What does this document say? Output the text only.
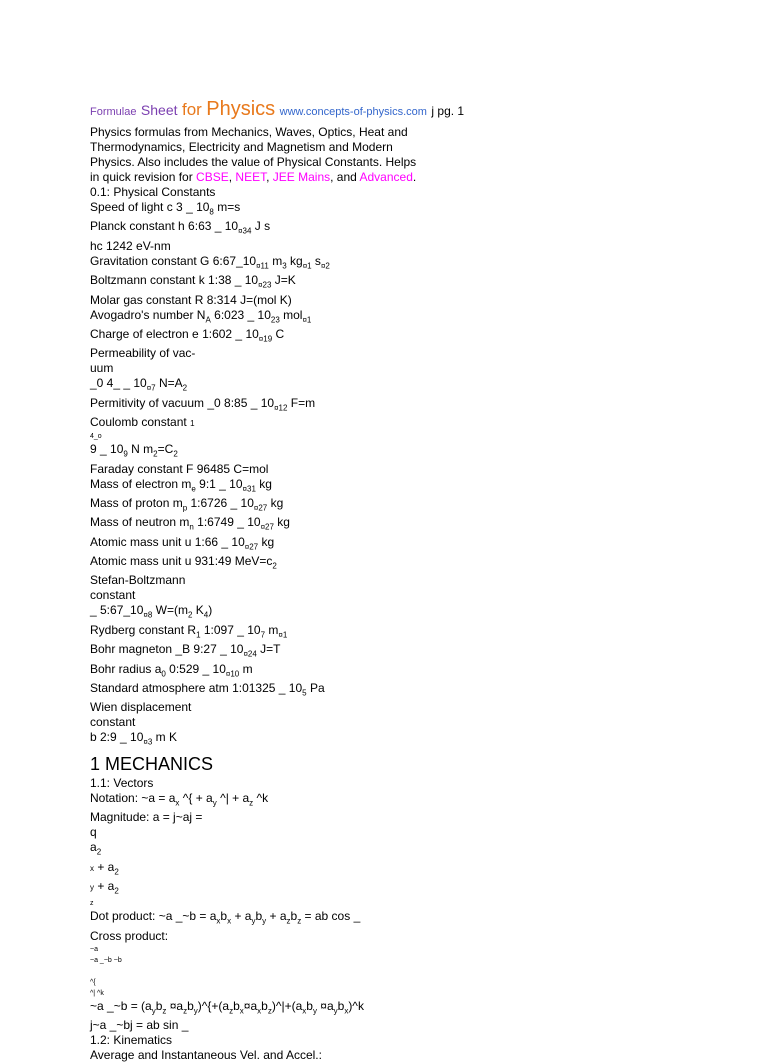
Formulae Sheet for Physics www.concepts-of-physics.com j pg. 1
Physics formulas from Mechanics, Waves, Optics, Heat and
Thermodynamics, Electricity and Magnetism and Modern
Physics. Also includes the value of Physical Constants. Helps
in quick revision for CBSE, NEET, JEE Mains, and Advanced.
0.1: Physical Constants
Speed of light c 3 _ $10_8$ m=s
Planck constant h 6:63 _ $10_{¤34}$ J s
hc 1242 eV-nm
Gravitation constant G $6:67\_10_{¤11}$ $m_3$ $kg_{¤1}$ $s_{¤2}$
Boltzmann constant k 1:38 _ $10_{¤23}$ J=K
Molar gas constant R 8:314 J=(mol K)
Avogadro's number $N_A$ 6:023 _ $10_{23}$ mol$_{¤1}$
Charge of electron e 1:602 _ $10_{¤19}$ C
Permeability of vac-
uum
_0 4_ _ $10_{¤7}$ $N=A_2$
Permitivity of vacuum _0 8:85 _ $10_{¤12}$ F=m
Coulomb constant 1
4_o
9 _ $10_9$ N $m_2=C_2$
Faraday constant F 96485 C=mol
Mass of electron $m_e$ 9:1 _ $10_{¤31}$ kg
Mass of proton $m_p$ 1:6726 _ $10_{¤27}$ kg
Mass of neutron $m_n$ 1:6749 _ $10_{¤27}$ kg
Atomic mass unit u 1:66 _ $10_{¤27}$ kg
Atomic mass unit u 931:49 $MeV=c_2$
Stefan-Boltzmann
constant
_ $5:67\_10_{¤8}$ $W=(m_2$ $K_4$)
Rydberg constant $R_1$ 1:097 _ $10_7$ $m_{¤1}$
Bohr magneton _B 9:27 _ $10_{¤24}$ J=T
Bohr radius $a_0$ 0:529 _ $10_{¤10}$ m
Standard atmosphere atm 1:01325 _ $10_5$ Pa
Wien displacement
constant
b 2:9 _ $10_{¤3}$ m K
1 MECHANICS
1.1: Vectors
Notation: ~a = $a_x$ ^{ + $a_y$ ^| + $a_z$ ^k
Magnitude: a = j~aj =
q
$a_2$
$x + a_2$
$y + a_2$
z
Dot product: ~a _~b = $a_xb_x + a_yb_y + a_zb_z$ = ab cos _
Cross product:
~a
~a _~b ~b

^{
^| ^k
~a _~b = ($a_yb_z$ $¤a_zb_y)\^{}\{+(a_zb_x¤a_xb_z)\^{}|+(a_xb_y$ $¤a_yb_x)\^{}k$
j~a _~bj = ab sin _
1.2: Kinematics
Average and Instantaneous Vel. and Accel.:
